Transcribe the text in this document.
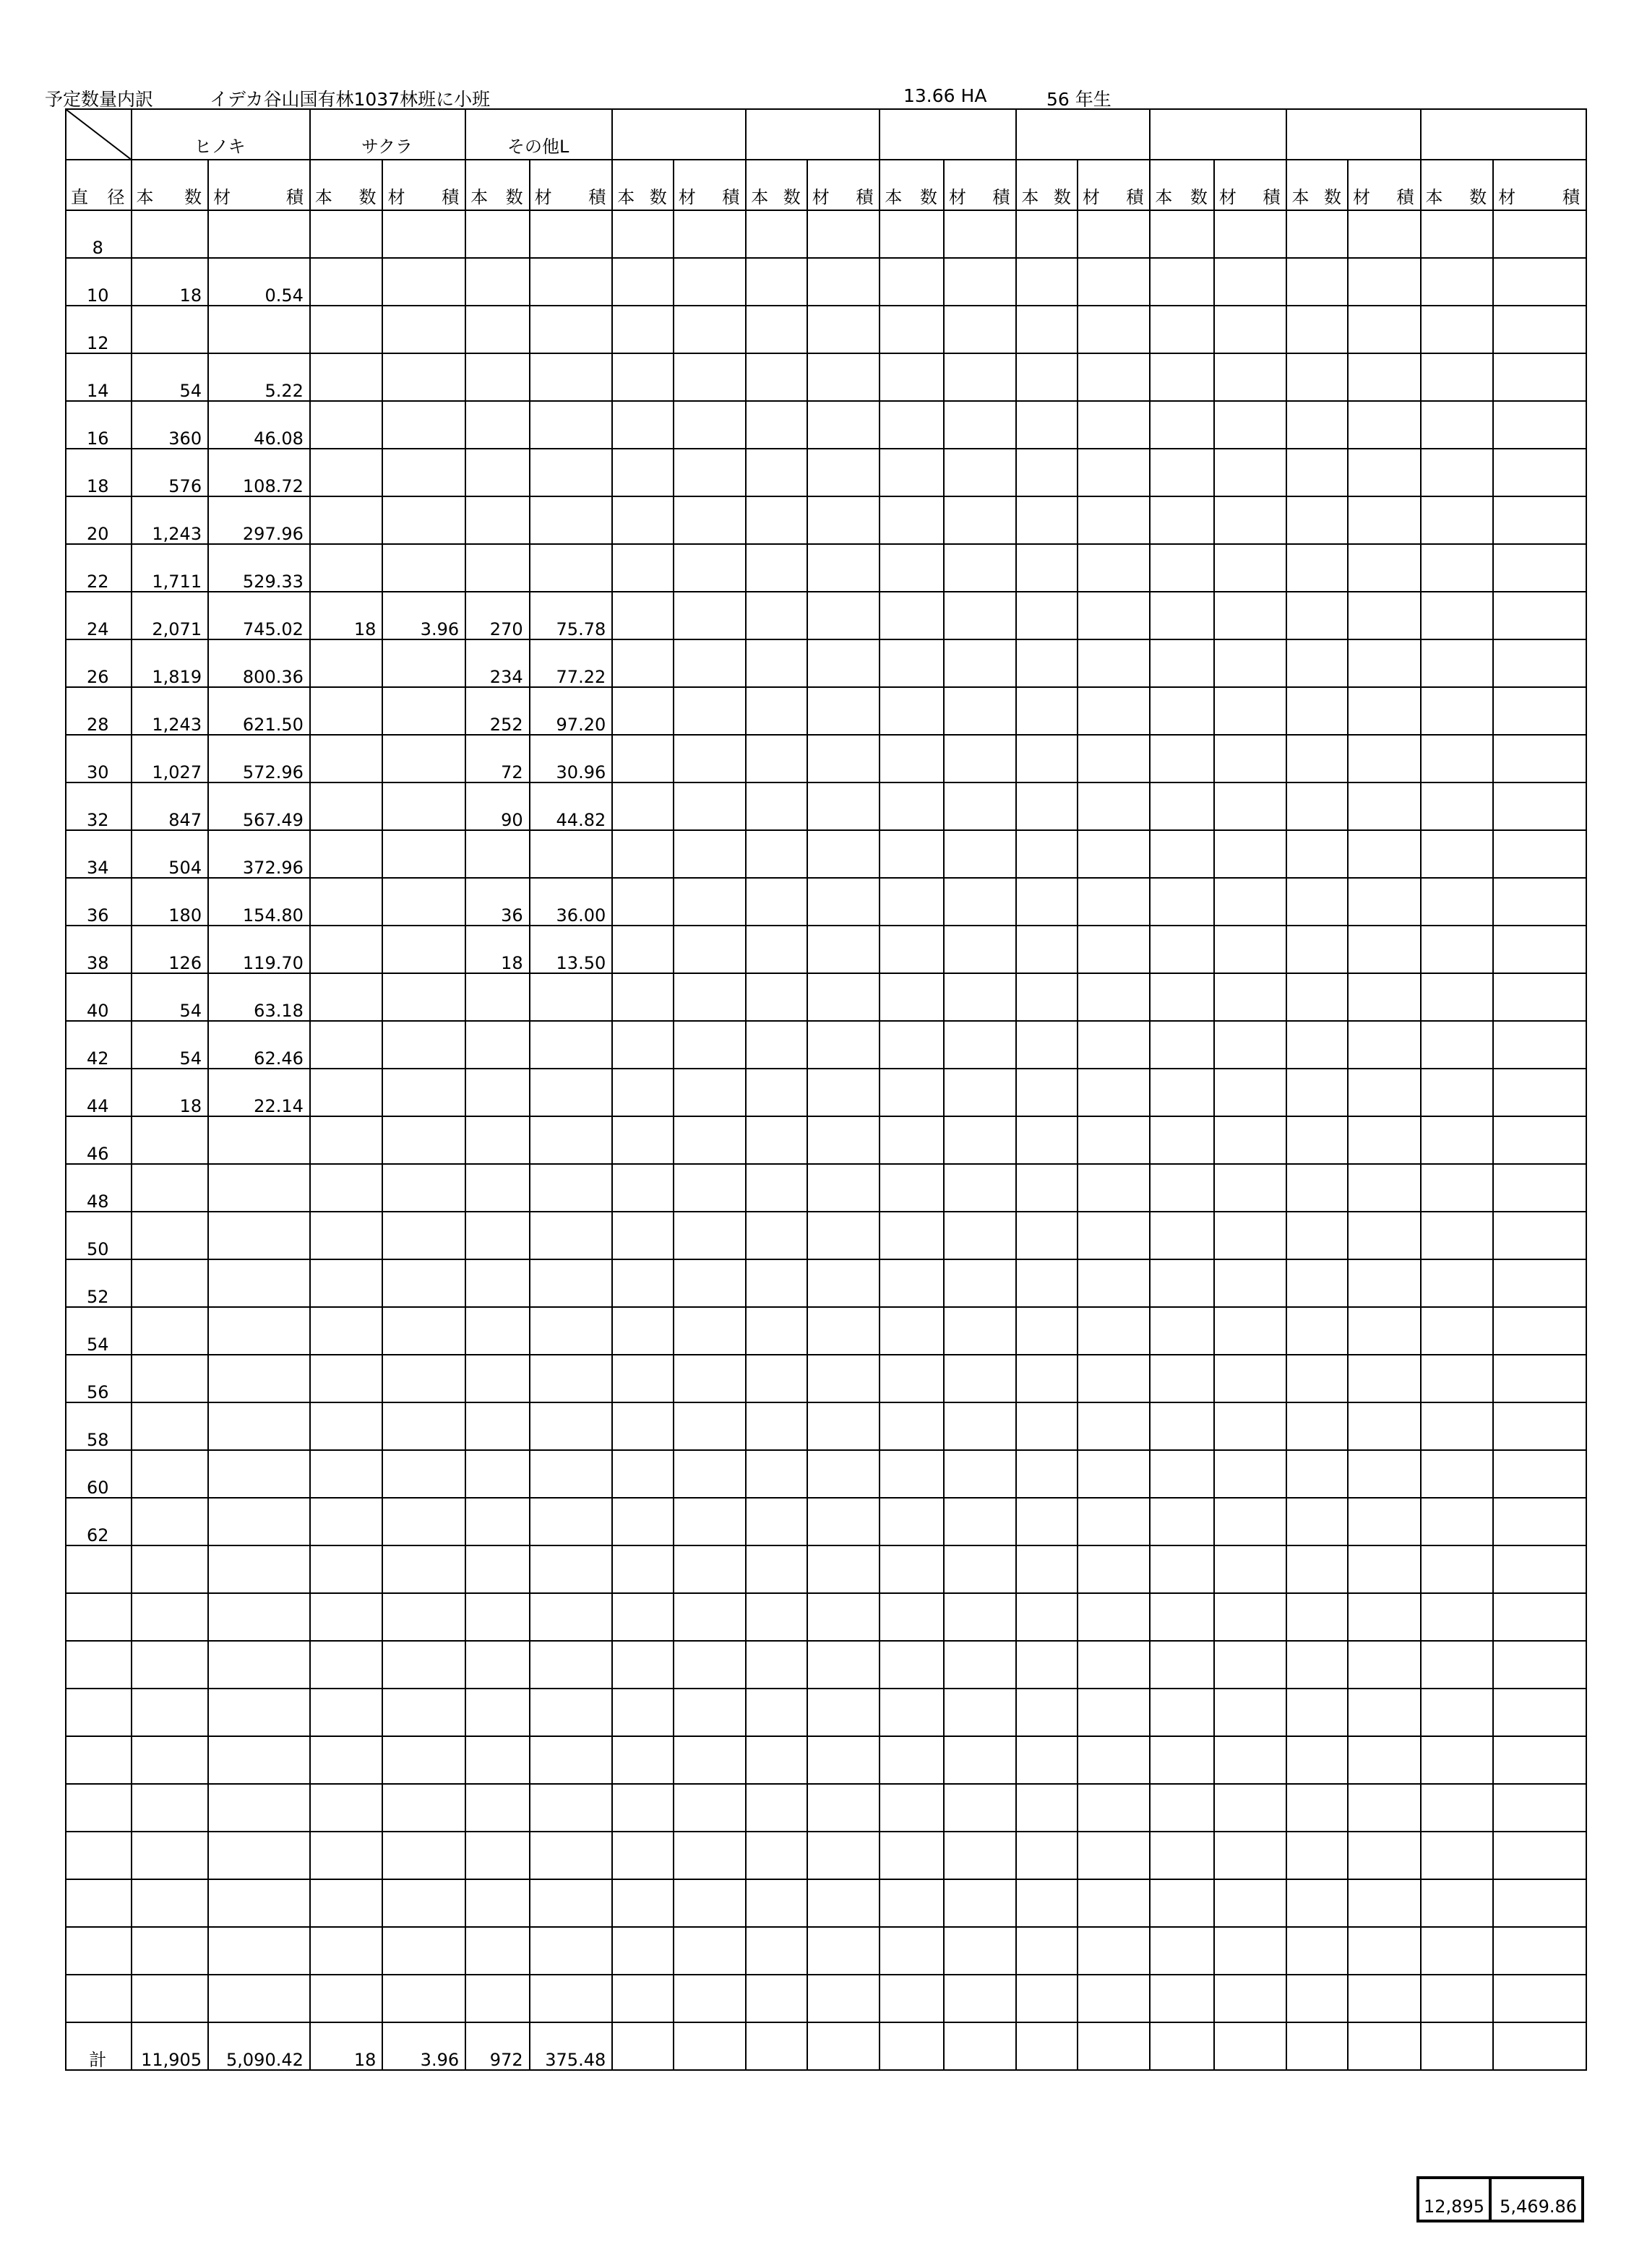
予定数量内訳	イデカ谷山国有林1037林班に小班	13.66 HA	56 年生
	ヒノキ		サクラ		その他L															

直 径	本 数	材 積	本 数	材 積	本 数	材 積	本 数	材 積	本 数	材 積	本 数	材 積	本 数	材 積	本 数	材 積	本 数	材 積	本 数	材 積

8																				
10	18	0.54																		
12																				
14	54	5.22																		
16	360	46.08																		
18	576	108.72																		
20	1,243	297.96																		
22	1,711	529.33																		
24	2,071	745.02	18	3.96	270	75.78														
26	1,819	800.36			234	77.22														
28	1,243	621.50			252	97.20														
30	1,027	572.96			72	30.96														
32	847	567.49			90	44.82														
34	504	372.96																		
36	180	154.80			36	36.00														
38	126	119.70			18	13.50														
40	54	63.18																		
42	54	62.46																		
44	18	22.14																		
46																				
48																				
50																				
52																				
54																				
56																				
58																				
60																				
62																				

計	11,905	5,090.42	18	3.96	972	375.48														
12,895	5,469.86
